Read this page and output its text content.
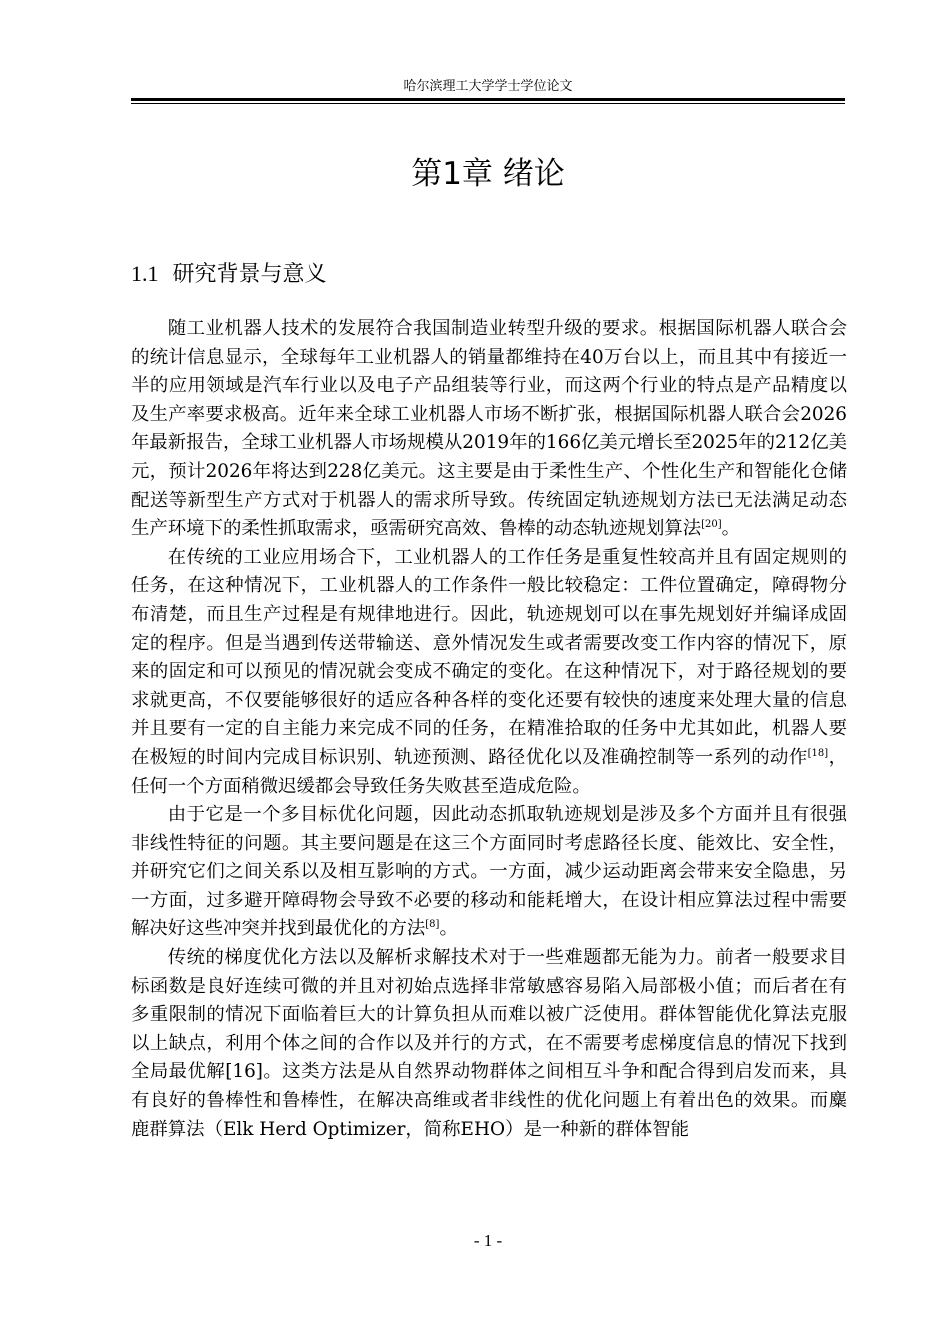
哈尔滨理工大学学士学位论文
第1章 绪论
1.1 研究背景与意义

随工业机器人技术的发展符合我国制造业转型升级的要求。根据国际机器人联合会的统计信息显示，全球每年工业机器人的销量都维持在40万台以上，而且其中有接近一半的应用领域是汽车行业以及电子产品组装等行业，而这两个行业的特点是产品精度以及生产率要求极高。近年来全球工业机器人市场不断扩张，根据国际机器人联合会2026年最新报告，全球工业机器人市场规模从2019年的166亿美元增长至2025年的212亿美元，预计2026年将达到228亿美元。这主要是由于柔性生产、个性化生产和智能化仓储配送等新型生产方式对于机器人的需求所导致。传统固定轨迹规划方法已无法满足动态生产环境下的柔性抓取需求，亟需研究高效、鲁棒的动态轨迹规划算法[20]。

在传统的工业应用场合下，工业机器人的工作任务是重复性较高并且有固定规则的任务，在这种情况下，工业机器人的工作条件一般比较稳定：工件位置确定，障碍物分布清楚，而且生产过程是有规律地进行。因此，轨迹规划可以在事先规划好并编译成固定的程序。但是当遇到传送带输送、意外情况发生或者需要改变工作内容的情况下，原来的固定和可以预见的情况就会变成不确定的变化。在这种情况下，对于路径规划的要求就更高，不仅要能够很好的适应各种各样的变化还要有较快的速度来处理大量的信息并且要有一定的自主能力来完成不同的任务，在精准拾取的任务中尤其如此，机器人要在极短的时间内完成目标识别、轨迹预测、路径优化以及准确控制等一系列的动作[18]，任何一个方面稍微迟缓都会导致任务失败甚至造成危险。

由于它是一个多目标优化问题，因此动态抓取轨迹规划是涉及多个方面并且有很强非线性特征的问题。其主要问题是在这三个方面同时考虑路径长度、能效比、安全性，并研究它们之间关系以及相互影响的方式。一方面，减少运动距离会带来安全隐患，另一方面，过多避开障碍物会导致不必要的移动和能耗增大，在设计相应算法过程中需要解决好这些冲突并找到最优化的方法[8]。

传统的梯度优化方法以及解析求解技术对于一些难题都无能为力。前者一般要求目标函数是良好连续可微的并且对初始点选择非常敏感容易陷入局部极小值；而后者在有多重限制的情况下面临着巨大的计算负担从而难以被广泛使用。群体智能优化算法克服以上缺点，利用个体之间的合作以及并行的方式，在不需要考虑梯度信息的情况下找到全局最优解[16]。这类方法是从自然界动物群体之间相互斗争和配合得到启发而来，具有良好的鲁棒性和鲁棒性，在解决高维或者非线性的优化问题上有着出色的效果。而麋鹿群算法（Elk Herd Optimizer，简称EHO）是一种新的群体智能

- 1 -
